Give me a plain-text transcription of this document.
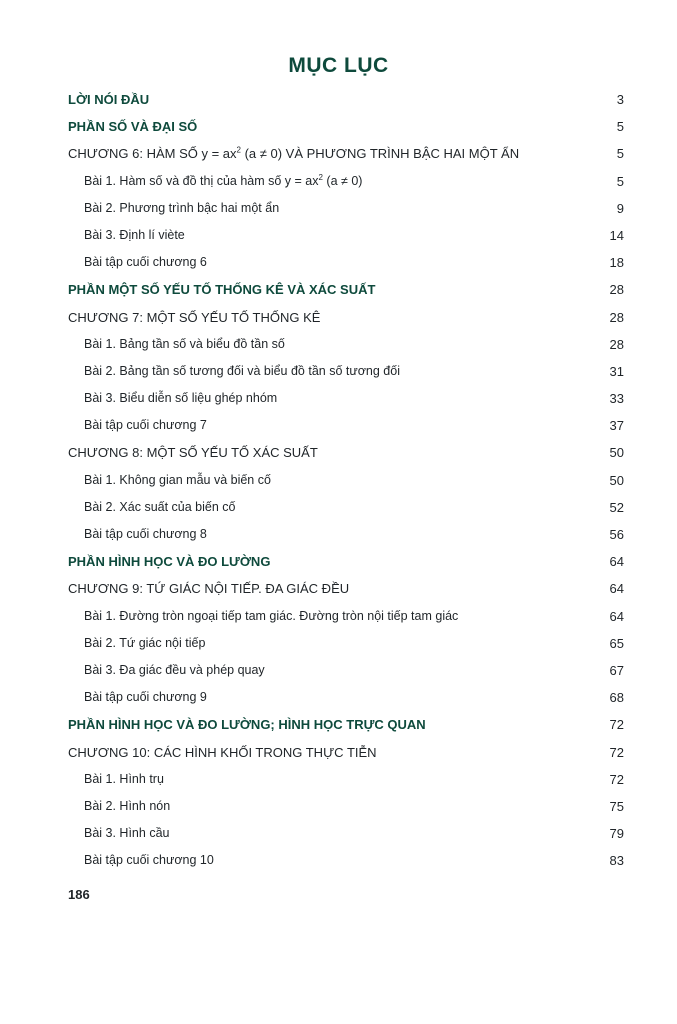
MỤC LỤC
LỜI NÓI ĐẦU	3
PHẦN SỐ VÀ ĐẠI SỐ	5
CHƯƠNG 6: HÀM SỐ $y = ax^2$ (a ≠ 0) VÀ PHƯƠNG TRÌNH BẬC HAI MỘT ẨN	5
Bài 1. Hàm số và đồ thị của hàm số $y = ax^2$ (a ≠ 0)	5
Bài 2. Phương trình bậc hai một ẩn	9
Bài 3. Định lí viète	14
Bài tập cuối chương 6	18
PHẦN MỘT SỐ YẾU TỐ THỐNG KÊ VÀ XÁC SUẤT	28
CHƯƠNG 7: MỘT SỐ YẾU TỐ THỐNG KÊ	28
Bài 1. Bảng tần số và biểu đồ tần số	28
Bài 2. Bảng tần số tương đối và biểu đồ tần số tương đối	31
Bài 3. Biểu diễn số liệu ghép nhóm	33
Bài tập cuối chương 7	37
CHƯƠNG 8: MỘT SỐ YẾU TỐ XÁC SUẤT	50
Bài 1. Không gian mẫu và biến cố	50
Bài 2. Xác suất của biến cố	52
Bài tập cuối chương 8	56
PHẦN HÌNH HỌC VÀ ĐO LƯỜNG	64
CHƯƠNG 9: TỨ GIÁC NỘI TIẾP. ĐA GIÁC ĐỀU	64
Bài 1. Đường tròn ngoại tiếp tam giác. Đường tròn nội tiếp tam giác	64
Bài 2. Tứ giác nội tiếp	65
Bài 3. Đa giác đều và phép quay	67
Bài tập cuối chương 9	68
PHẦN HÌNH HỌC VÀ ĐO LƯỜNG; HÌNH HỌC TRỰC QUAN	72
CHƯƠNG 10: CÁC HÌNH KHỐI TRONG THỰC TIỄN	72
Bài 1. Hình trụ	72
Bài 2. Hình nón	75
Bài 3. Hình cầu	79
Bài tập cuối chương 10	83
186
